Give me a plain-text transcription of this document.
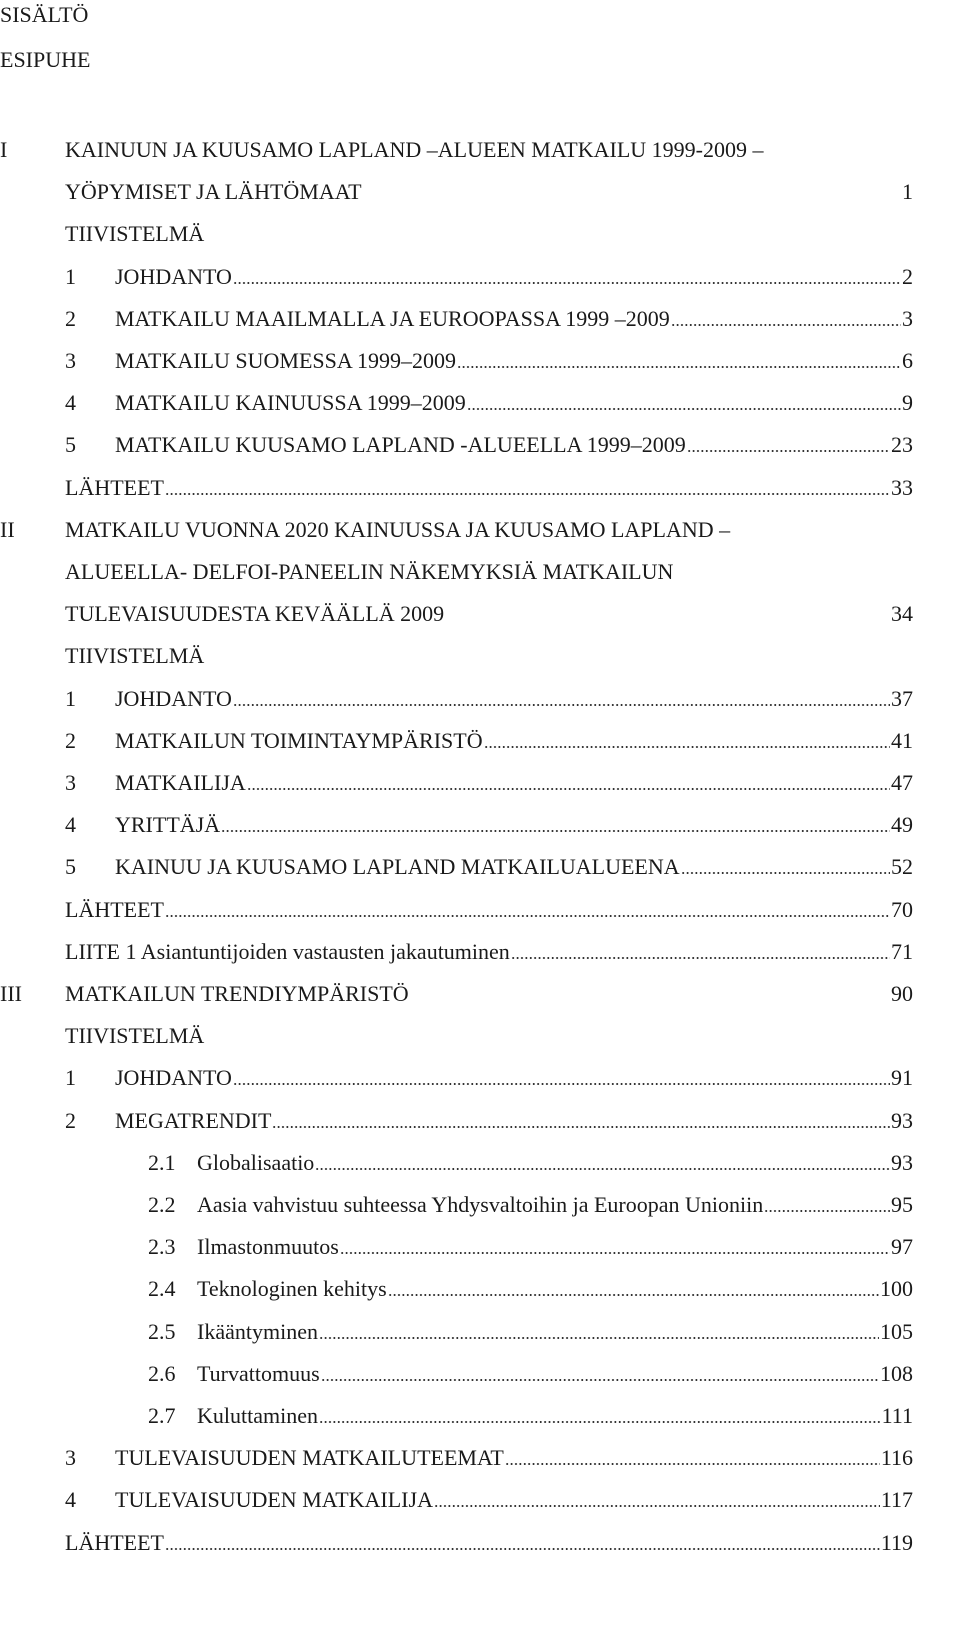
SISÄLTÖ
ESIPUHE
I	KAINUUN JA KUUSAMO LAPLAND –ALUEEN MATKAILU 1999-2009 –
YÖPYMISET JA LÄHTÖMAAT	1
TIIVISTELMÄ
1	JOHDANTO	2
2	MATKAILU MAAILMALLA JA EUROOPASSA 1999 –2009	3
3	MATKAILU SUOMESSA 1999–2009	6
4	MATKAILU KAINUUSSA 1999–2009	9
5	MATKAILU KUUSAMO LAPLAND -ALUEELLA 1999–2009	23
LÄHTEET	33
II MATKAILU VUONNA 2020 KAINUUSSA JA KUUSAMO LAPLAND –
ALUEELLA- DELFOI-PANEELIN NÄKEMYKSIÄ MATKAILUN
TULEVAISUUDESTA KEVÄÄLLÄ 2009	34
TIIVISTELMÄ
1	JOHDANTO	37
2	MATKAILUN TOIMINTAYMPÄRISTÖ	41
3	MATKAILIJA	47
4	YRITTÄJÄ	49
5	KAINUU JA KUUSAMO LAPLAND MATKAILUALUEENA	52
LÄHTEET	70
LIITE 1 Asiantuntijoiden vastausten jakautuminen	71
III MATKAILUN TRENDIYMPÄRISTÖ	90
TIIVISTELMÄ
1	JOHDANTO	91
2	MEGATRENDIT	93
2.1 Globalisaatio	93
2.2 Aasia vahvistuu suhteessa Yhdysvaltoihin ja Euroopan Unioniin	95
2.3 Ilmastonmuutos	97
2.4 Teknologinen kehitys	100
2.5 Ikääntyminen	105
2.6 Turvattomuus	108
2.7 Kuluttaminen	111
3	TULEVAISUUDEN MATKAILUTEEMAT	116
4	TULEVAISUUDEN MATKAILIJA	117
LÄHTEET	119
